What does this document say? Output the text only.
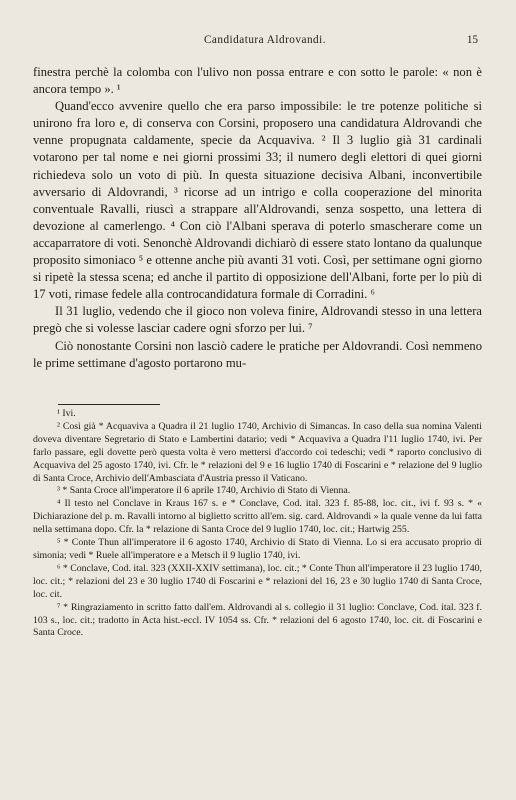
Candidatura Aldrovandi.	15

finestra perchè la colomba con l'ulivo non possa entrare e con sotto le parole: « non è ancora tempo ». ¹

Quand'ecco avvenire quello che era parso impossibile: le tre potenze politiche si unirono fra loro e, di conserva con Corsini, proposero una candidatura Aldrovandi che venne propugnata caldamente, specie da Acquaviva. ² Il 3 luglio già 31 cardinali votarono per tal nome e nei giorni prossimi 33; il numero degli elettori di quei giorni richiedeva solo un voto di più. In questa situazione decisiva Albani, inconvertibile avversario di Aldovrandi, ³ ricorse ad un intrigo e colla cooperazione del minorita conventuale Ravalli, riuscì a strappare all'Aldrovandi, senza sospetto, una lettera di devozione al camerlengo. ⁴ Con ciò l'Albani sperava di poterlo smascherare come un accaparratore di voti. Senonchè Aldrovandi dichiarò di essere stato lontano da qualunque proposito simoniaco ⁵ e ottenne anche più avanti 31 voti. Così, per settimane ogni giorno si ripetè la stessa scena; ed anche il partito di opposizione dell'Albani, forte per lo più di 17 voti, rimase fedele alla controcandidatura formale di Corradini. ⁶

Il 31 luglio, vedendo che il gioco non voleva finire, Aldrovandi stesso in una lettera pregò che si volesse lasciar cadere ogni sforzo per lui. ⁷

Ciò nonostante Corsini non lasciò cadere le pratiche per Aldovrandi. Così nemmeno le prime settimane d'agosto portarono mu-

¹ Ivi.

² Così già * Acquaviva a Quadra il 21 luglio 1740, Archivio di Simancas. In caso della sua nomina Valenti doveva diventare Segretario di Stato e Lambertini datario; vedi * Acquaviva a Quadra l'11 luglio 1740, ivi. Per farlo passare, egli dovette però questa volta è vero mettersi d'accordo coi tedeschi; vedi * raporto conclusivo di Acquaviva del 25 agosto 1740, ivi. Cfr. le * relazioni del 9 e 16 luglio 1740 di Foscarini e * relazione del 9 luglio di Santa Croce, Archivio dell'Ambasciata d'Austria presso il Vaticano.

³ * Santa Croce all'imperatore il 6 aprile 1740, Archivio di Stato di Vienna.

⁴ Il testo nel Conclave in Kraus 167 s. e * Conclave, Cod. ital. 323 f. 85-88, loc. cit., ivi f. 93 s. * « Dichiarazione del p. m. Ravalli intorno al biglietto scritto all'em. sig. card. Aldrovandi » la quale venne da lui fatta nella settimana dopo. Cfr. la * relazione di Santa Croce del 9 luglio 1740, loc. cit.; Hartwig 255.

⁵ * Conte Thun all'imperatore il 6 agosto 1740, Archivio di Stato di Vienna. Lo si era accusato proprio di simonia; vedi * Ruele all'imperatore e a Metsch il 9 luglio 1740, ivi.

⁶ * Conclave, Cod. ital. 323 (XXII-XXIV settimana), loc. cit.; * Conte Thun all'imperatore il 23 luglio 1740, loc. cit.; * relazioni del 23 e 30 luglio 1740 di Foscarini e * relazioni del 16, 23 e 30 luglio 1740 di Santa Croce, loc. cit.

⁷ * Ringraziamento in scritto fatto dall'em. Aldrovandi al s. collegio il 31 luglio: Conclave, Cod. ital. 323 f. 103 s., loc. cit.; tradotto in Acta hist.-eccl. IV 1054 ss. Cfr. * relazioni del 6 agosto 1740, loc. cit. di Foscarini e Santa Croce.
